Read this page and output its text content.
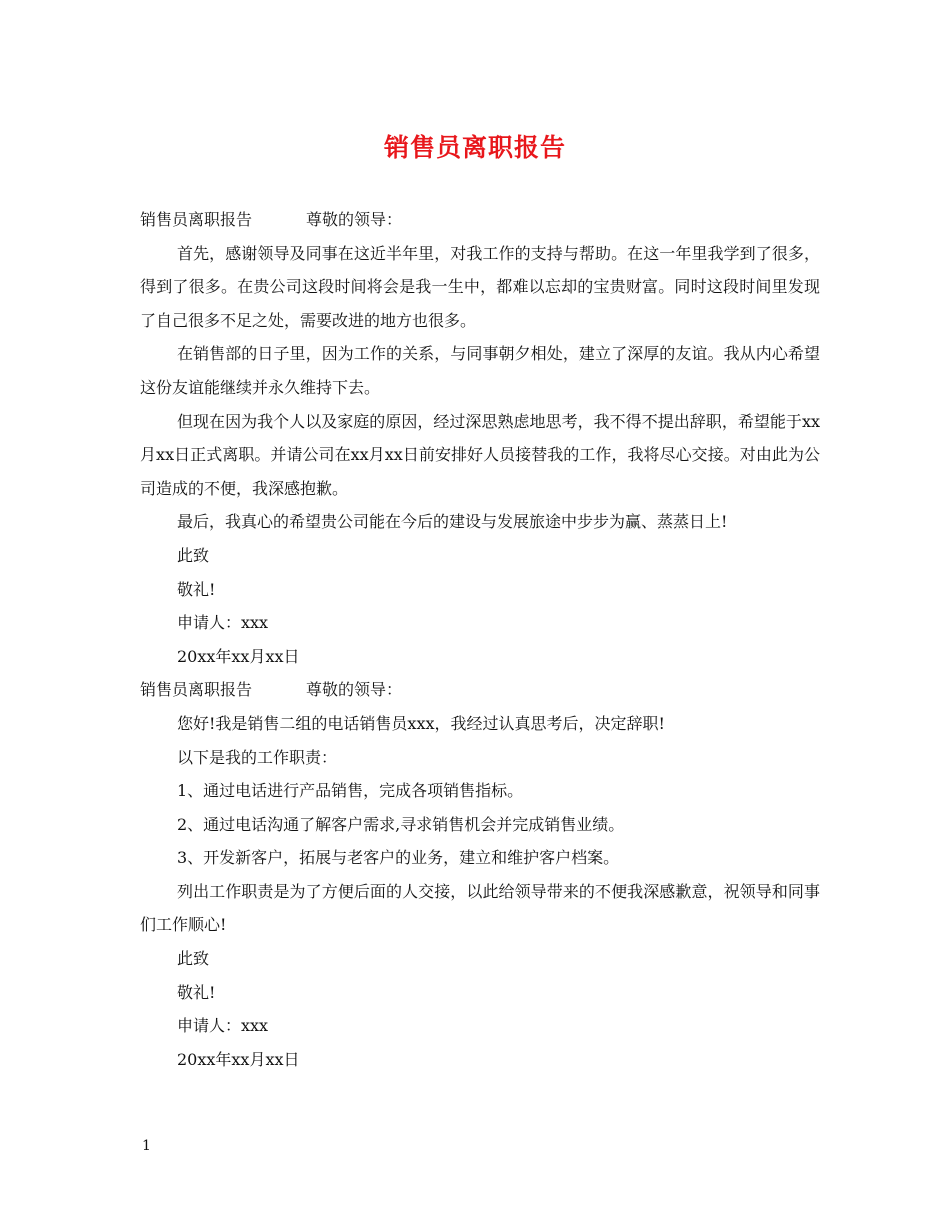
销售员离职报告

销售员离职报告	尊敬的领导：

首先，感谢领导及同事在这近半年里，对我工作的支持与帮助。在这一年里我学到了很多，得到了很多。在贵公司这段时间将会是我一生中，都难以忘却的宝贵财富。同时这段时间里发现了自己很多不足之处，需要改进的地方也很多。

在销售部的日子里，因为工作的关系，与同事朝夕相处，建立了深厚的友谊。我从内心希望这份友谊能继续并永久维持下去。

但现在因为我个人以及家庭的原因，经过深思熟虑地思考，我不得不提出辞职，希望能于xx月xx日正式离职。并请公司在xx月xx日前安排好人员接替我的工作，我将尽心交接。对由此为公司造成的不便，我深感抱歉。

最后，我真心的希望贵公司能在今后的建设与发展旅途中步步为赢、蒸蒸日上!

此致

敬礼!

申请人：xxx

20xx年xx月xx日

销售员离职报告	尊敬的领导：

您好!我是销售二组的电话销售员xxx，我经过认真思考后，决定辞职!

以下是我的工作职责：

1、通过电话进行产品销售，完成各项销售指标。

2、通过电话沟通了解客户需求,寻求销售机会并完成销售业绩。

3、开发新客户，拓展与老客户的业务，建立和维护客户档案。

列出工作职责是为了方便后面的人交接，以此给领导带来的不便我深感歉意，祝领导和同事们工作顺心!

此致

敬礼!

申请人：xxx

20xx年xx月xx日

1
